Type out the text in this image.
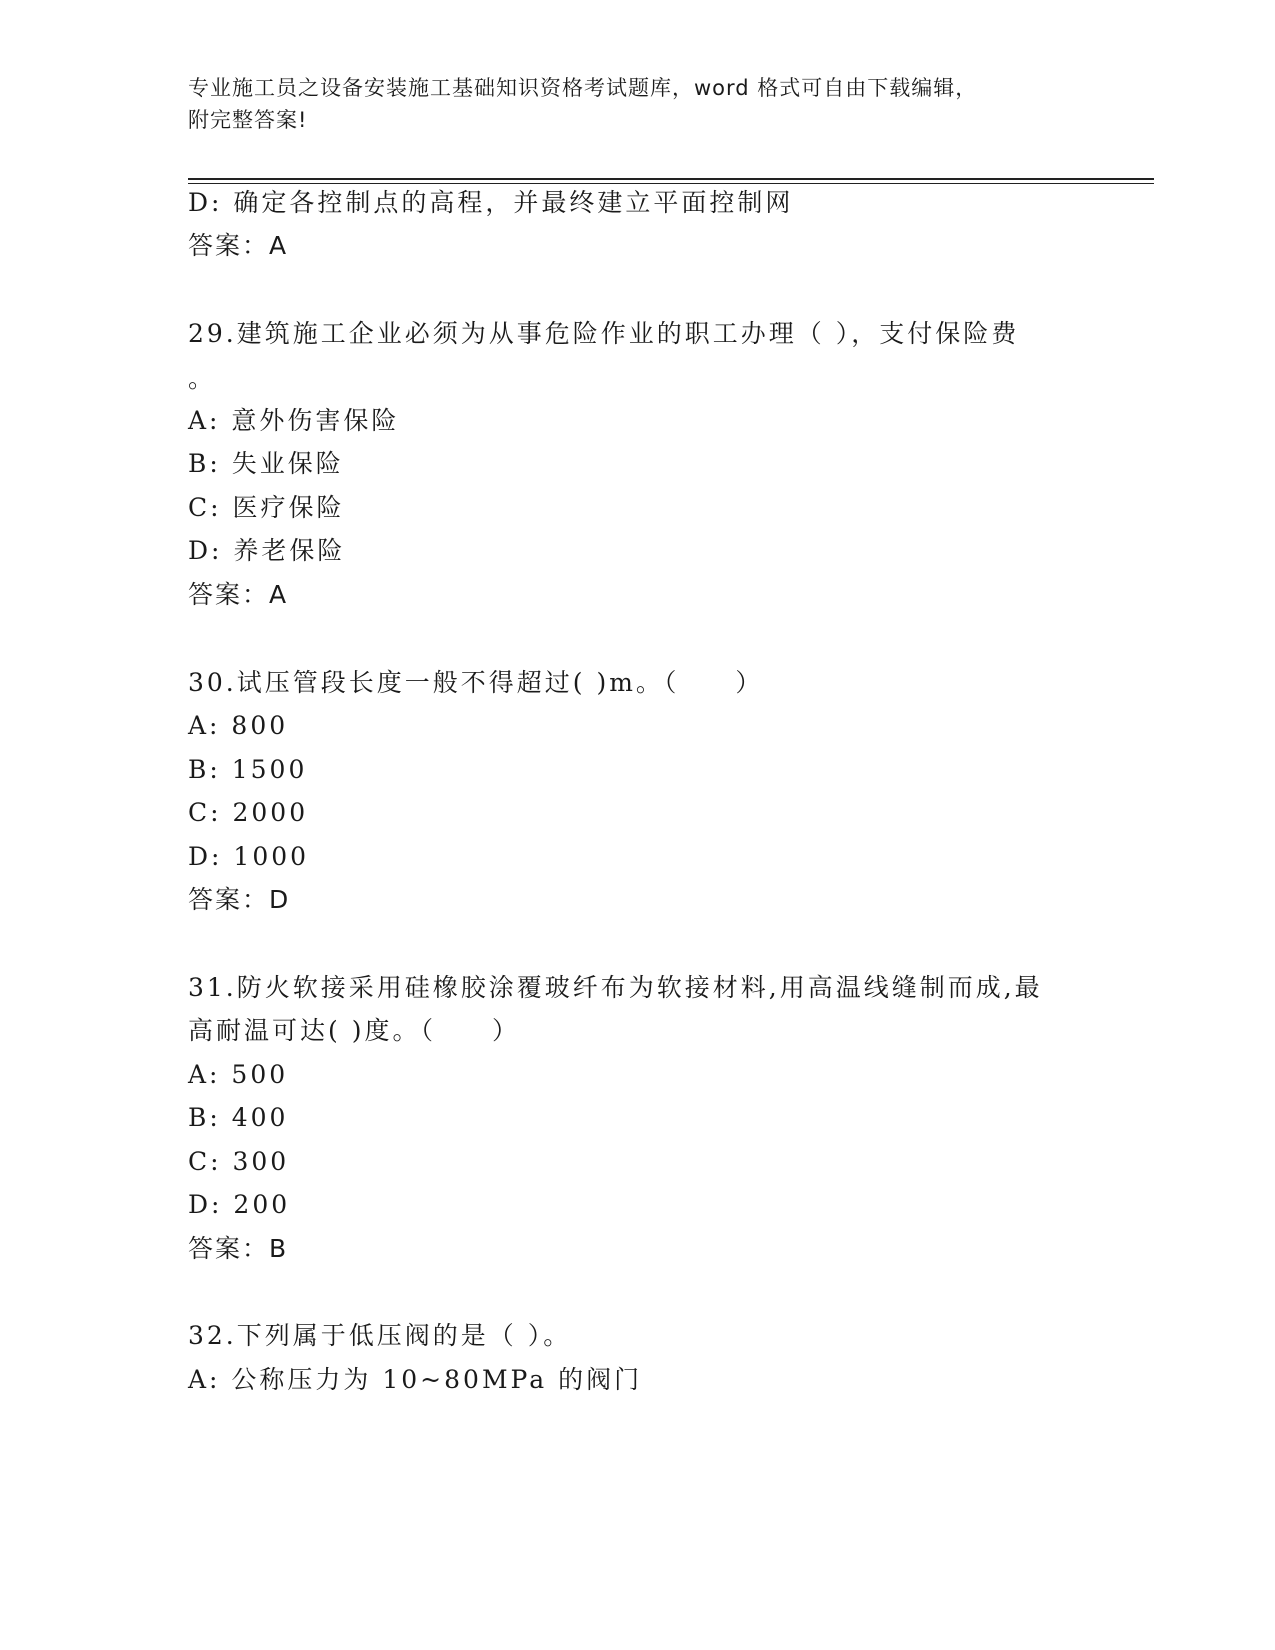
专业施工员之设备安装施工基础知识资格考试题库，word 格式可自由下载编辑，
附完整答案!
D: 确定各控制点的高程，并最终建立平面控制网
答案：A
29.建筑施工企业必须为从事危险作业的职工办理（ ），支付保险费
。
A: 意外伤害保险
B: 失业保险
C: 医疗保险
D: 养老保险
答案：A
30.试压管段长度一般不得超过( )m。（　　）
A: 800
B: 1500
C: 2000
D: 1000
答案：D
31.防火软接采用硅橡胶涂覆玻纤布为软接材料,用高温线缝制而成,最
高耐温可达( )度。（　　）
A: 500
B: 400
C: 300
D: 200
答案：B
32.下列属于低压阀的是（ ）。
A: 公称压力为 10~80MPa 的阀门
